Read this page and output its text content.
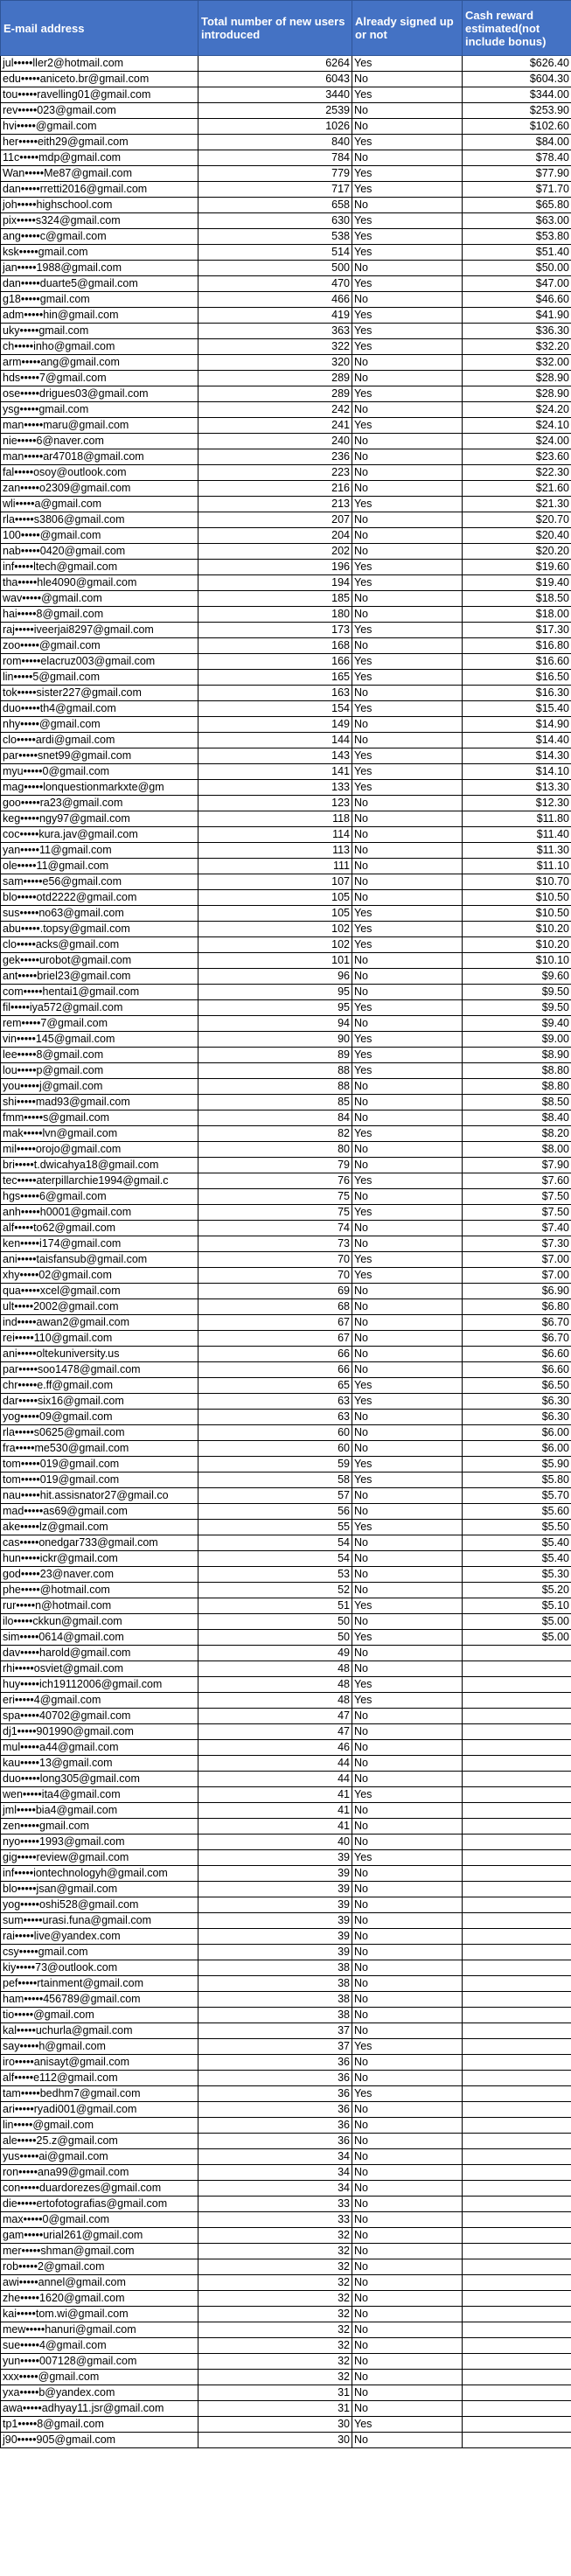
E-mail address	Total number of new users introduced	Already signed up or not	Cash reward estimated(not include bonus)
jul•••••ller2@hotmail.com	6264	Yes	$626.40
edu•••••aniceto.br@gmail.com	6043	No	$604.30
tou•••••ravelling01@gmail.com	3440	Yes	$344.00
rev•••••023@gmail.com	2539	No	$253.90
hvi•••••@gmail.com	1026	No	$102.60
her•••••eith29@gmail.com	840	Yes	$84.00
11c•••••mdp@gmail.com	784	No	$78.40
Wan•••••Me87@gmail.com	779	Yes	$77.90
dan•••••rretti2016@gmail.com	717	Yes	$71.70
joh•••••highschool.com	658	No	$65.80
pix•••••s324@gmail.com	630	Yes	$63.00
ang•••••c@gmail.com	538	Yes	$53.80
ksk•••••gmail.com	514	Yes	$51.40
jan•••••1988@gmail.com	500	No	$50.00
dan•••••duarte5@gmail.com	470	Yes	$47.00
g18•••••gmail.com	466	No	$46.60
adm•••••hin@gmail.com	419	Yes	$41.90
uky•••••gmail.com	363	Yes	$36.30
ch•••••inho@gmail.com	322	Yes	$32.20
arm•••••ang@gmail.com	320	No	$32.00
hds•••••7@gmail.com	289	No	$28.90
ose•••••drigues03@gmail.com	289	Yes	$28.90
ysg•••••gmail.com	242	No	$24.20
man•••••maru@gmail.com	241	Yes	$24.10
nie•••••6@naver.com	240	No	$24.00
man•••••ar47018@gmail.com	236	No	$23.60
fal•••••osoy@outlook.com	223	No	$22.30
zan•••••o2309@gmail.com	216	No	$21.60
wli•••••a@gmail.com	213	Yes	$21.30
rla•••••s3806@gmail.com	207	No	$20.70
100•••••@gmail.com	204	No	$20.40
nab•••••0420@gmail.com	202	No	$20.20
inf•••••ltech@gmail.com	196	Yes	$19.60
tha•••••hle4090@gmail.com	194	Yes	$19.40
wav•••••@gmail.com	185	No	$18.50
hai•••••8@gmail.com	180	No	$18.00
raj•••••iveerjai8297@gmail.com	173	Yes	$17.30
zoo•••••@gmail.com	168	No	$16.80
rom•••••elacruz003@gmail.com	166	Yes	$16.60
lin•••••5@gmail.com	165	Yes	$16.50
tok•••••sister227@gmail.com	163	No	$16.30
duo•••••th4@gmail.com	154	Yes	$15.40
nhy•••••@gmail.com	149	No	$14.90
clo•••••ardi@gmail.com	144	No	$14.40
par•••••snet99@gmail.com	143	Yes	$14.30
myu•••••0@gmail.com	141	Yes	$14.10
mag•••••lonquestionmarkxte@gm	133	Yes	$13.30
goo•••••ra23@gmail.com	123	No	$12.30
keg•••••ngy97@gmail.com	118	No	$11.80
coc•••••kura.jav@gmail.com	114	No	$11.40
yan•••••11@gmail.com	113	No	$11.30
ole•••••11@gmail.com	111	No	$11.10
sam•••••e56@gmail.com	107	No	$10.70
blo•••••otd2222@gmail.com	105	No	$10.50
sus•••••no63@gmail.com	105	Yes	$10.50
abu•••••.topsy@gmail.com	102	Yes	$10.20
clo•••••acks@gmail.com	102	Yes	$10.20
gek•••••urobot@gmail.com	101	No	$10.10
ant•••••briel23@gmail.com	96	No	$9.60
com•••••hentai1@gmail.com	95	No	$9.50
fil•••••iya572@gmail.com	95	Yes	$9.50
rem•••••7@gmail.com	94	No	$9.40
vin•••••145@gmail.com	90	Yes	$9.00
lee•••••8@gmail.com	89	Yes	$8.90
lou•••••p@gmail.com	88	Yes	$8.80
you•••••j@gmail.com	88	No	$8.80
shi•••••mad93@gmail.com	85	No	$8.50
fmm•••••s@gmail.com	84	No	$8.40
mak•••••lvn@gmail.com	82	Yes	$8.20
mil•••••orojo@gmail.com	80	No	$8.00
bri•••••t.dwicahya18@gmail.com	79	No	$7.90
tec•••••aterpillarchie1994@gmail.c	76	Yes	$7.60
hgs•••••6@gmail.com	75	No	$7.50
anh•••••h0001@gmail.com	75	Yes	$7.50
alf•••••to62@gmail.com	74	No	$7.40
ken•••••i174@gmail.com	73	No	$7.30
ani•••••taisfansub@gmail.com	70	Yes	$7.00
xhy•••••02@gmail.com	70	Yes	$7.00
qua•••••xcel@gmail.com	69	No	$6.90
ult•••••2002@gmail.com	68	No	$6.80
ind•••••awan2@gmail.com	67	No	$6.70
rei•••••110@gmail.com	67	No	$6.70
ani•••••oltekuniversity.us	66	No	$6.60
par•••••soo1478@gmail.com	66	No	$6.60
chr•••••e.ff@gmail.com	65	Yes	$6.50
dar•••••six16@gmail.com	63	Yes	$6.30
yog•••••09@gmail.com	63	No	$6.30
rla•••••s0625@gmail.com	60	No	$6.00
fra•••••me530@gmail.com	60	No	$6.00
tom•••••019@gmail.com	59	Yes	$5.90
tom•••••019@gmail.com	58	Yes	$5.80
nau•••••hit.assisnator27@gmail.co	57	No	$5.70
mad•••••as69@gmail.com	56	No	$5.60
ake•••••lz@gmail.com	55	Yes	$5.50
cas•••••onedgar733@gmail.com	54	No	$5.40
hun•••••ickr@gmail.com	54	No	$5.40
god•••••23@naver.com	53	No	$5.30
phe•••••@hotmail.com	52	No	$5.20
rur•••••n@hotmail.com	51	Yes	$5.10
ilo•••••ckkun@gmail.com	50	No	$5.00
sim•••••0614@gmail.com	50	Yes	$5.00
dav•••••harold@gmail.com	49	No	
rhi•••••osviet@gmail.com	48	No	
huy•••••ich19112006@gmail.com	48	Yes	
eri•••••4@gmail.com	48	Yes	
spa•••••40702@gmail.com	47	No	
dj1•••••901990@gmail.com	47	No	
mul•••••a44@gmail.com	46	No	
kau•••••13@gmail.com	44	No	
duo•••••long305@gmail.com	44	No	
wen•••••ita4@gmail.com	41	Yes	
jml•••••bia4@gmail.com	41	No	
zen•••••gmail.com	41	No	
nyo•••••1993@gmail.com	40	No	
gig•••••review@gmail.com	39	Yes	
inf•••••iontechnologyh@gmail.com	39	No	
blo•••••jsan@gmail.com	39	No	
yog•••••oshi528@gmail.com	39	No	
sum•••••urasi.funa@gmail.com	39	No	
rai•••••live@yandex.com	39	No	
csy•••••gmail.com	39	No	
kiy•••••73@outlook.com	38	No	
pef•••••rtainment@gmail.com	38	No	
ham•••••456789@gmail.com	38	No	
tio•••••@gmail.com	38	No	
kal•••••uchurla@gmail.com	37	No	
say•••••h@gmail.com	37	Yes	
iro•••••anisayt@gmail.com	36	No	
alf•••••e112@gmail.com	36	No	
tam•••••bedhm7@gmail.com	36	Yes	
ari•••••ryadi001@gmail.com	36	No	
lin•••••@gmail.com	36	No	
ale•••••25.z@gmail.com	36	No	
yus•••••ai@gmail.com	34	No	
ron•••••ana99@gmail.com	34	No	
con•••••duardorezes@gmail.com	34	No	
die•••••ertofotografias@gmail.com	33	No	
max•••••0@gmail.com	33	No	
gam•••••urial261@gmail.com	32	No	
mer•••••shman@gmail.com	32	No	
rob•••••2@gmail.com	32	No	
awi•••••annel@gmail.com	32	No	
zhe•••••1620@gmail.com	32	No	
kai•••••tom.wi@gmail.com	32	No	
mew•••••hanuri@gmail.com	32	No	
sue•••••4@gmail.com	32	No	
yun•••••007128@gmail.com	32	No	
xxx•••••@gmail.com	32	No	
yxa•••••b@yandex.com	31	No	
awa•••••adhyay11.jsr@gmail.com	31	No	
tp1•••••8@gmail.com	30	Yes	
j90•••••905@gmail.com	30	No	
